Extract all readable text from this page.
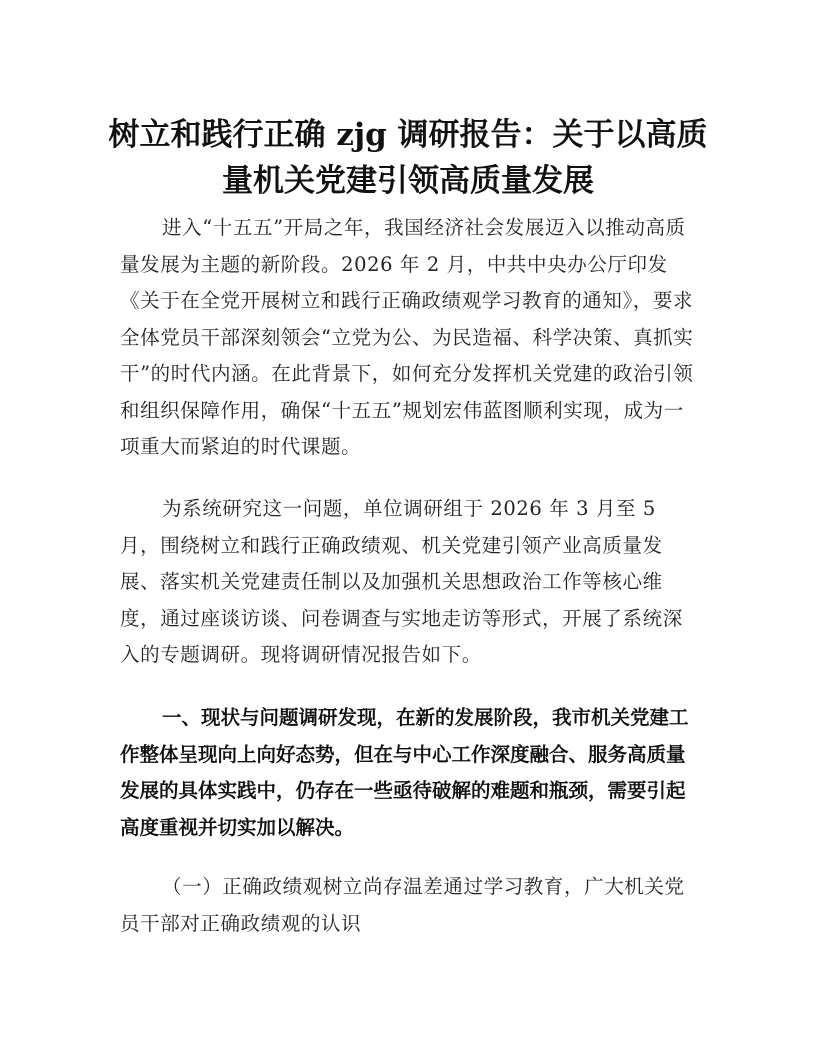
树立和践行正确 zjg 调研报告：关于以高质
量机关党建引领高质量发展

进入“十五五”开局之年，我国经济社会发展迈入以推动高质量发展为主题的新阶段。2026 年 2 月，中共中央办公厅印发《关于在全党开展树立和践行正确政绩观学习教育的通知》，要求全体党员干部深刻领会“立党为公、为民造福、科学决策、真抓实干”的时代内涵。在此背景下，如何充分发挥机关党建的政治引领和组织保障作用，确保“十五五”规划宏伟蓝图顺利实现，成为一项重大而紧迫的时代课题。

为系统研究这一问题，单位调研组于 2026 年 3 月至 5 月，围绕树立和践行正确政绩观、机关党建引领产业高质量发展、落实机关党建责任制以及加强机关思想政治工作等核心维度，通过座谈访谈、问卷调查与实地走访等形式，开展了系统深入的专题调研。现将调研情况报告如下。

一、现状与问题调研发现，在新的发展阶段，我市机关党建工作整体呈现向上向好态势，但在与中心工作深度融合、服务高质量发展的具体实践中，仍存在一些亟待破解的难题和瓶颈，需要引起高度重视并切实加以解决。

（一）正确政绩观树立尚存温差通过学习教育，广大机关党员干部对正确政绩观的认识
